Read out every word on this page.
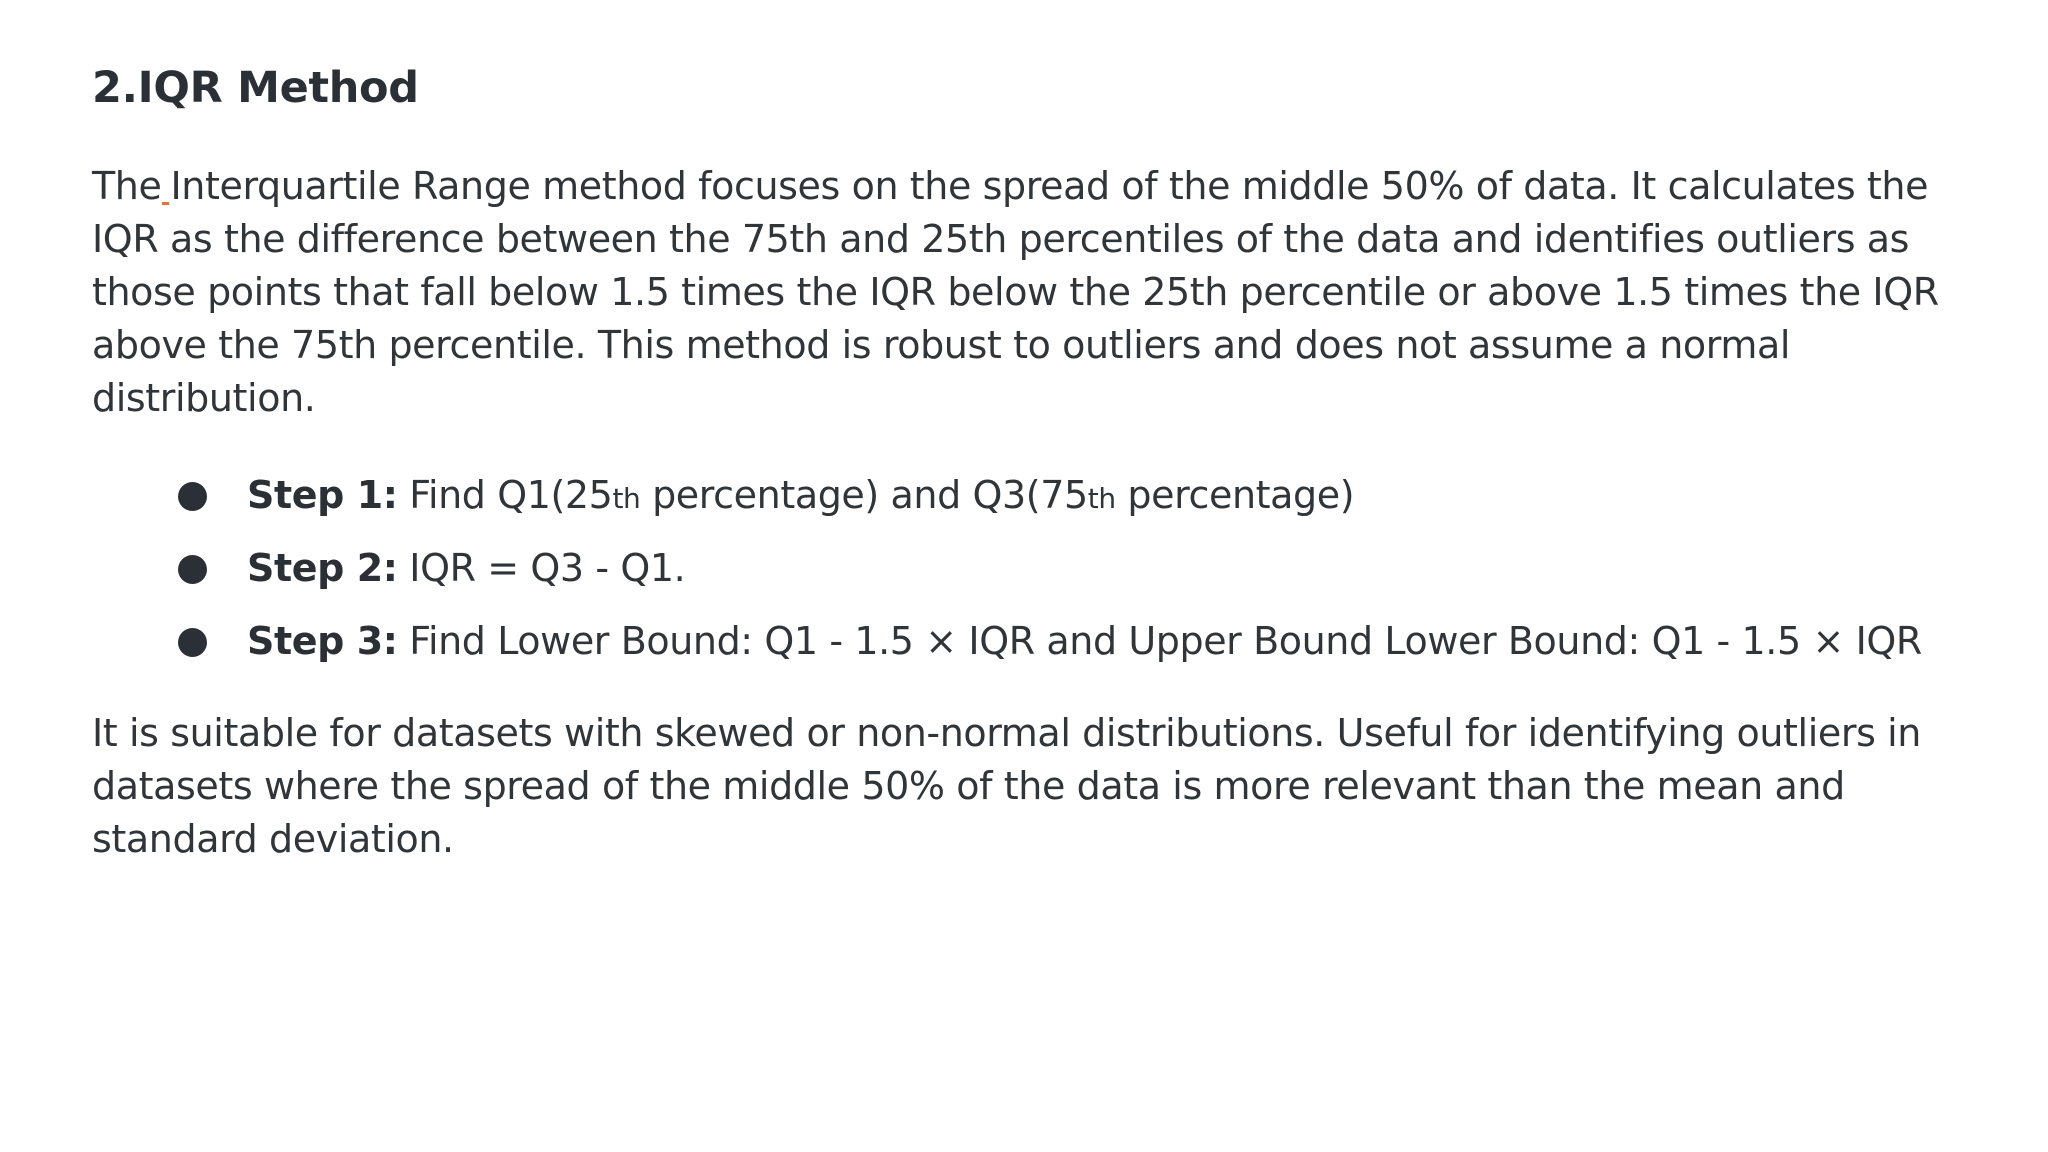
2.IQR Method

The Interquartile Range method focuses on the spread of the middle 50% of data. It calculates the IQR as the difference between the 75th and 25th percentiles of the data and identifies outliers as those points that fall below 1.5 times the IQR below the 25th percentile or above 1.5 times the IQR above the 75th percentile. This method is robust to outliers and does not assume a normal distribution.

Step 1: Find Q1(25th percentage) and Q3(75th percentage)
Step 2: IQR = Q3 - Q1.
Step 3: Find Lower Bound: Q1 - 1.5 × IQR and Upper Bound Lower Bound: Q1 - 1.5 × IQR

It is suitable for datasets with skewed or non-normal distributions. Useful for identifying outliers in datasets where the spread of the middle 50% of the data is more relevant than the mean and standard deviation.
